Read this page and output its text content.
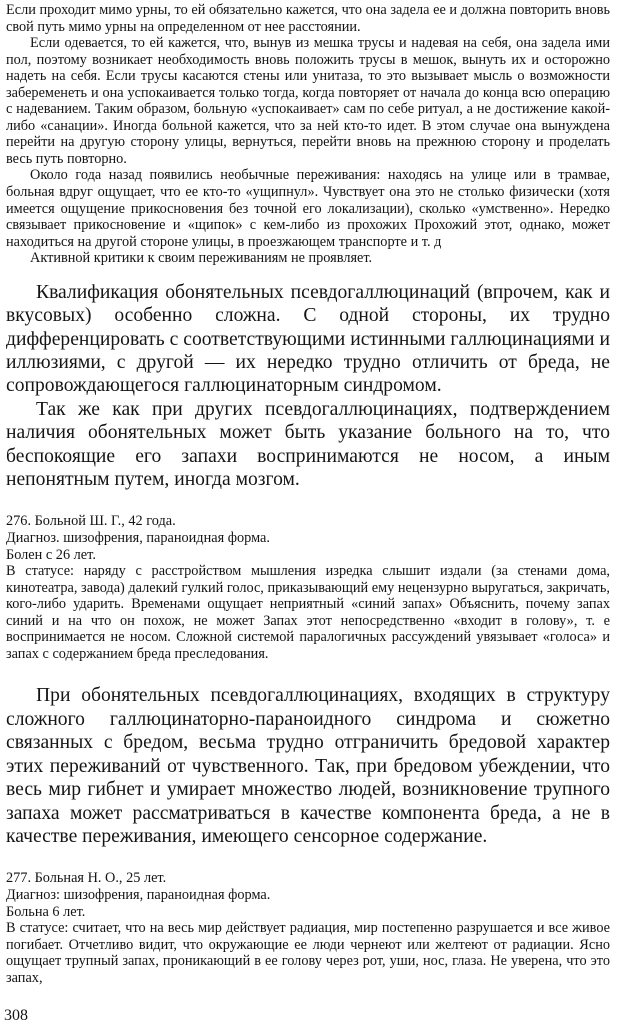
Если проходит мимо урны, то ей обязательно кажется, что она задела ее и должна повторить вновь свой путь мимо урны на определенном от нее расстоянии.

Если одевается, то ей кажется, что, вынув из мешка трусы и надевая на себя, она задела ими пол, поэтому возникает необходимость вновь положить трусы в мешок, вынуть их и осторожно надеть на себя. Если трусы касаются стены или унитаза, то это вызывает мысль о возможности забеременеть и она успокаивается только тогда, когда повторяет от начала до конца всю операцию с надеванием. Таким образом, больную «успокаивает» сам по себе ритуал, а не достижение какой-либо «санации». Иногда больной кажется, что за ней кто-то идет. В этом случае она вынуждена перейти на другую сторону улицы, вернуться, перейти вновь на прежнюю сторону и проделать весь путь повторно.

Около года назад появились необычные переживания: находясь на улице или в трамвае, больная вдруг ощущает, что ее кто-то «ущипнул». Чувствует она это не столько физически (хотя имеется ощущение прикосновения без точной его локализации), сколько «умственно». Нередко связывает прикосновение и «щипок» с кем-либо из прохожих Прохожий этот, однако, может находиться на другой стороне улицы, в проезжающем транспорте и т. д

Активной критики к своим переживаниям не проявляет.

Квалификация обонятельных псевдогаллюцинаций (впрочем, как и вкусовых) особенно сложна. С одной стороны, их трудно дифференцировать с соответствующими истинными галлюцинациями и иллюзиями, с другой — их нередко трудно отличить от бреда, не сопровождающегося галлюцинаторным синдромом.

Так же как при других псевдогаллюцинациях, подтверждением наличия обонятельных может быть указание больного на то, что беспокоящие его запахи воспринимаются не носом, а иным непонятным путем, иногда мозгом.

276. Больной Ш. Г., 42 года.

Диагноз. шизофрения, параноидная форма.

Болен с 26 лет.

В статусе: наряду с расстройством мышления изредка слышит издали (за стенами дома, кинотеатра, завода) далекий гулкий голос, приказывающий ему нецензурно выругаться, закричать, кого-либо ударить. Временами ощущает неприятный «синий запах» Объяснить, почему запах синий и на что он похож, не может Запах этот непосредственно «входит в голову», т. е воспринимается не носом. Сложной системой паралогичных рассуждений увязывает «голоса» и запах с содержанием бреда преследования.

При обонятельных псевдогаллюцинациях, входящих в структуру сложного галлюцинаторно-параноидного синдрома и сюжетно связанных с бредом, весьма трудно отграничить бредовой характер этих переживаний от чувственного. Так, при бредовом убеждении, что весь мир гибнет и умирает множество людей, возникновение трупного запаха может рассматриваться в качестве компонента бреда, а не в качестве переживания, имеющего сенсорное содержание.

277. Больная Н. О., 25 лет.

Диагноз: шизофрения, параноидная форма.

Больна 6 лет.

В статусе: считает, что на весь мир действует радиация, мир постепенно разрушается и все живое погибает. Отчетливо видит, что окружающие ее люди чернеют или желтеют от радиации. Ясно ощущает трупный запах, проникающий в ее голову через рот, уши, нос, глаза. Не уверена, что это запах,

308
